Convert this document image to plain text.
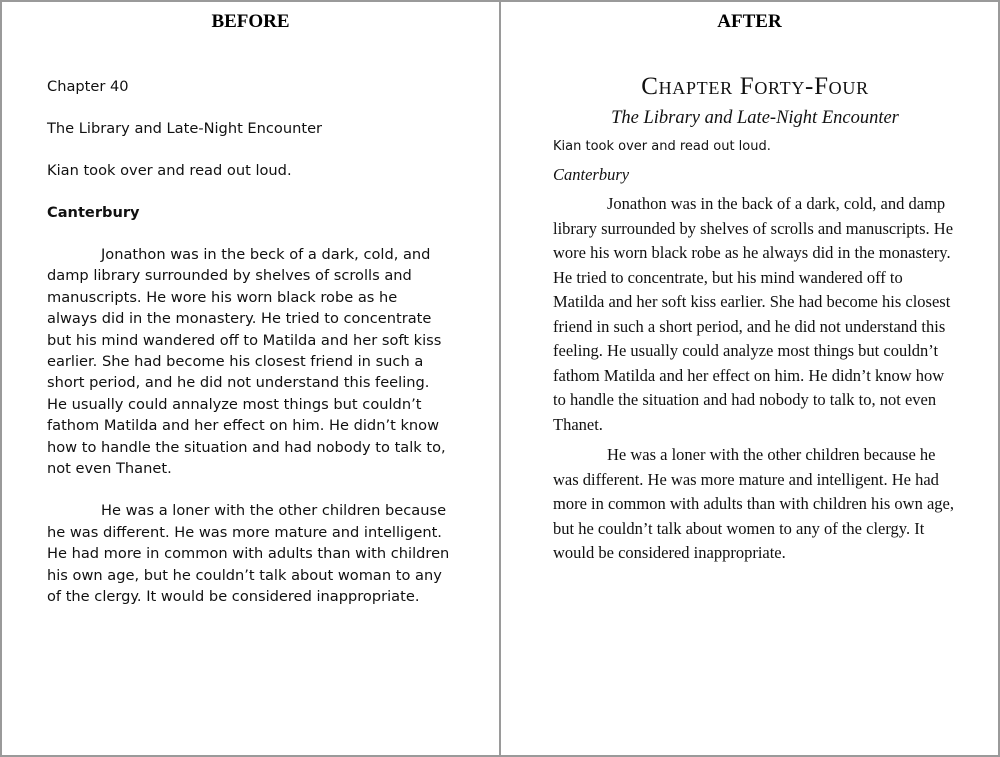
BEFORE

Chapter 40

The Library and Late-Night Encounter

Kian took over and read out loud.

Canterbury

Jonathon was in the beck of a dark, cold, and damp library surrounded by shelves of scrolls and manuscripts. He wore his worn black robe as he always did in the monastery. He tried to concentrate but his mind wandered off to Matilda and her soft kiss earlier. She had become his closest friend in such a short period, and he did not understand this feeling. He usually could annalyze most things but couldn’t fathom Matilda and her effect on him. He didn’t know how to handle the situation and had nobody to talk to, not even Thanet.

He was a loner with the other children because he was different. He was more mature and intelligent. He had more in common with adults than with children his own age, but he couldn’t talk about woman to any of the clergy. It would be considered inappropriate.

AFTER

Chapter Forty-Four

The Library and Late-Night Encounter

Kian took over and read out loud.

Canterbury

Jonathon was in the back of a dark, cold, and damp library surrounded by shelves of scrolls and manuscripts. He wore his worn black robe as he always did in the monastery. He tried to concentrate, but his mind wandered off to Matilda and her soft kiss earlier. She had become his closest friend in such a short period, and he did not understand this feeling. He usually could analyze most things but couldn’t fathom Matilda and her effect on him. He didn’t know how to handle the situation and had nobody to talk to, not even Thanet.

He was a loner with the other children because he was different. He was more mature and intelligent. He had more in common with adults than with children his own age, but he couldn’t talk about women to any of the clergy. It would be considered inappropriate.
